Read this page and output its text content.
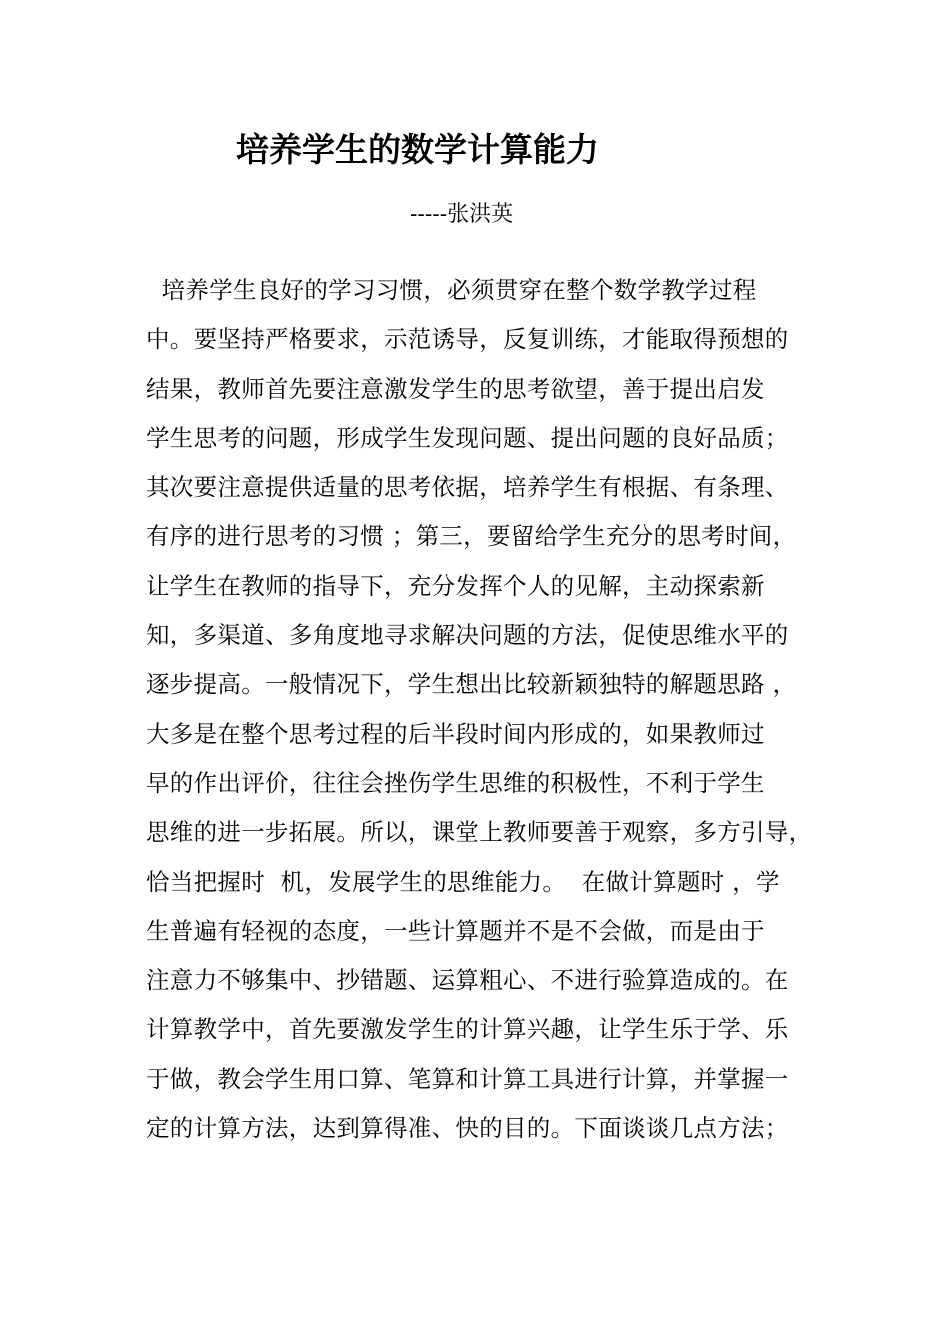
培养学生的数学计算能力
-----张洪英
培养学生良好的学习习惯，必须贯穿在整个数学教学过程
中。要坚持严格要求，示范诱导，反复训练，才能取得预想的
结果，教师首先要注意激发学生的思考欲望，善于提出启发
学生思考的问题，形成学生发现问题、提出问题的良好品质；
其次要注意提供适量的思考依据，培养学生有根据、有条理、
有序的进行思考的习惯 ；第三，要留给学生充分的思考时间，
让学生在教师的指导下，充分发挥个人的见解，主动探索新
知，多渠道、多角度地寻求解决问题的方法，促使思维水平的
逐步提高。一般情况下，学生想出比较新颖独特的解题思路 ，
大多是在整个思考过程的后半段时间内形成的，如果教师过
早的作出评价，往往会挫伤学生思维的积极性，不利于学生
思维的进一步拓展。所以，课堂上教师要善于观察，多方引导，
恰当把握时  机，发展学生的思维能力。  在做计算题时 ，学
生普遍有轻视的态度，一些计算题并不是不会做，而是由于
注意力不够集中、抄错题、运算粗心、不进行验算造成的。在
计算教学中，首先要激发学生的计算兴趣，让学生乐于学、乐
于做，教会学生用口算、笔算和计算工具进行计算，并掌握一
定的计算方法，达到算得准、快的目的。下面谈谈几点方法；
